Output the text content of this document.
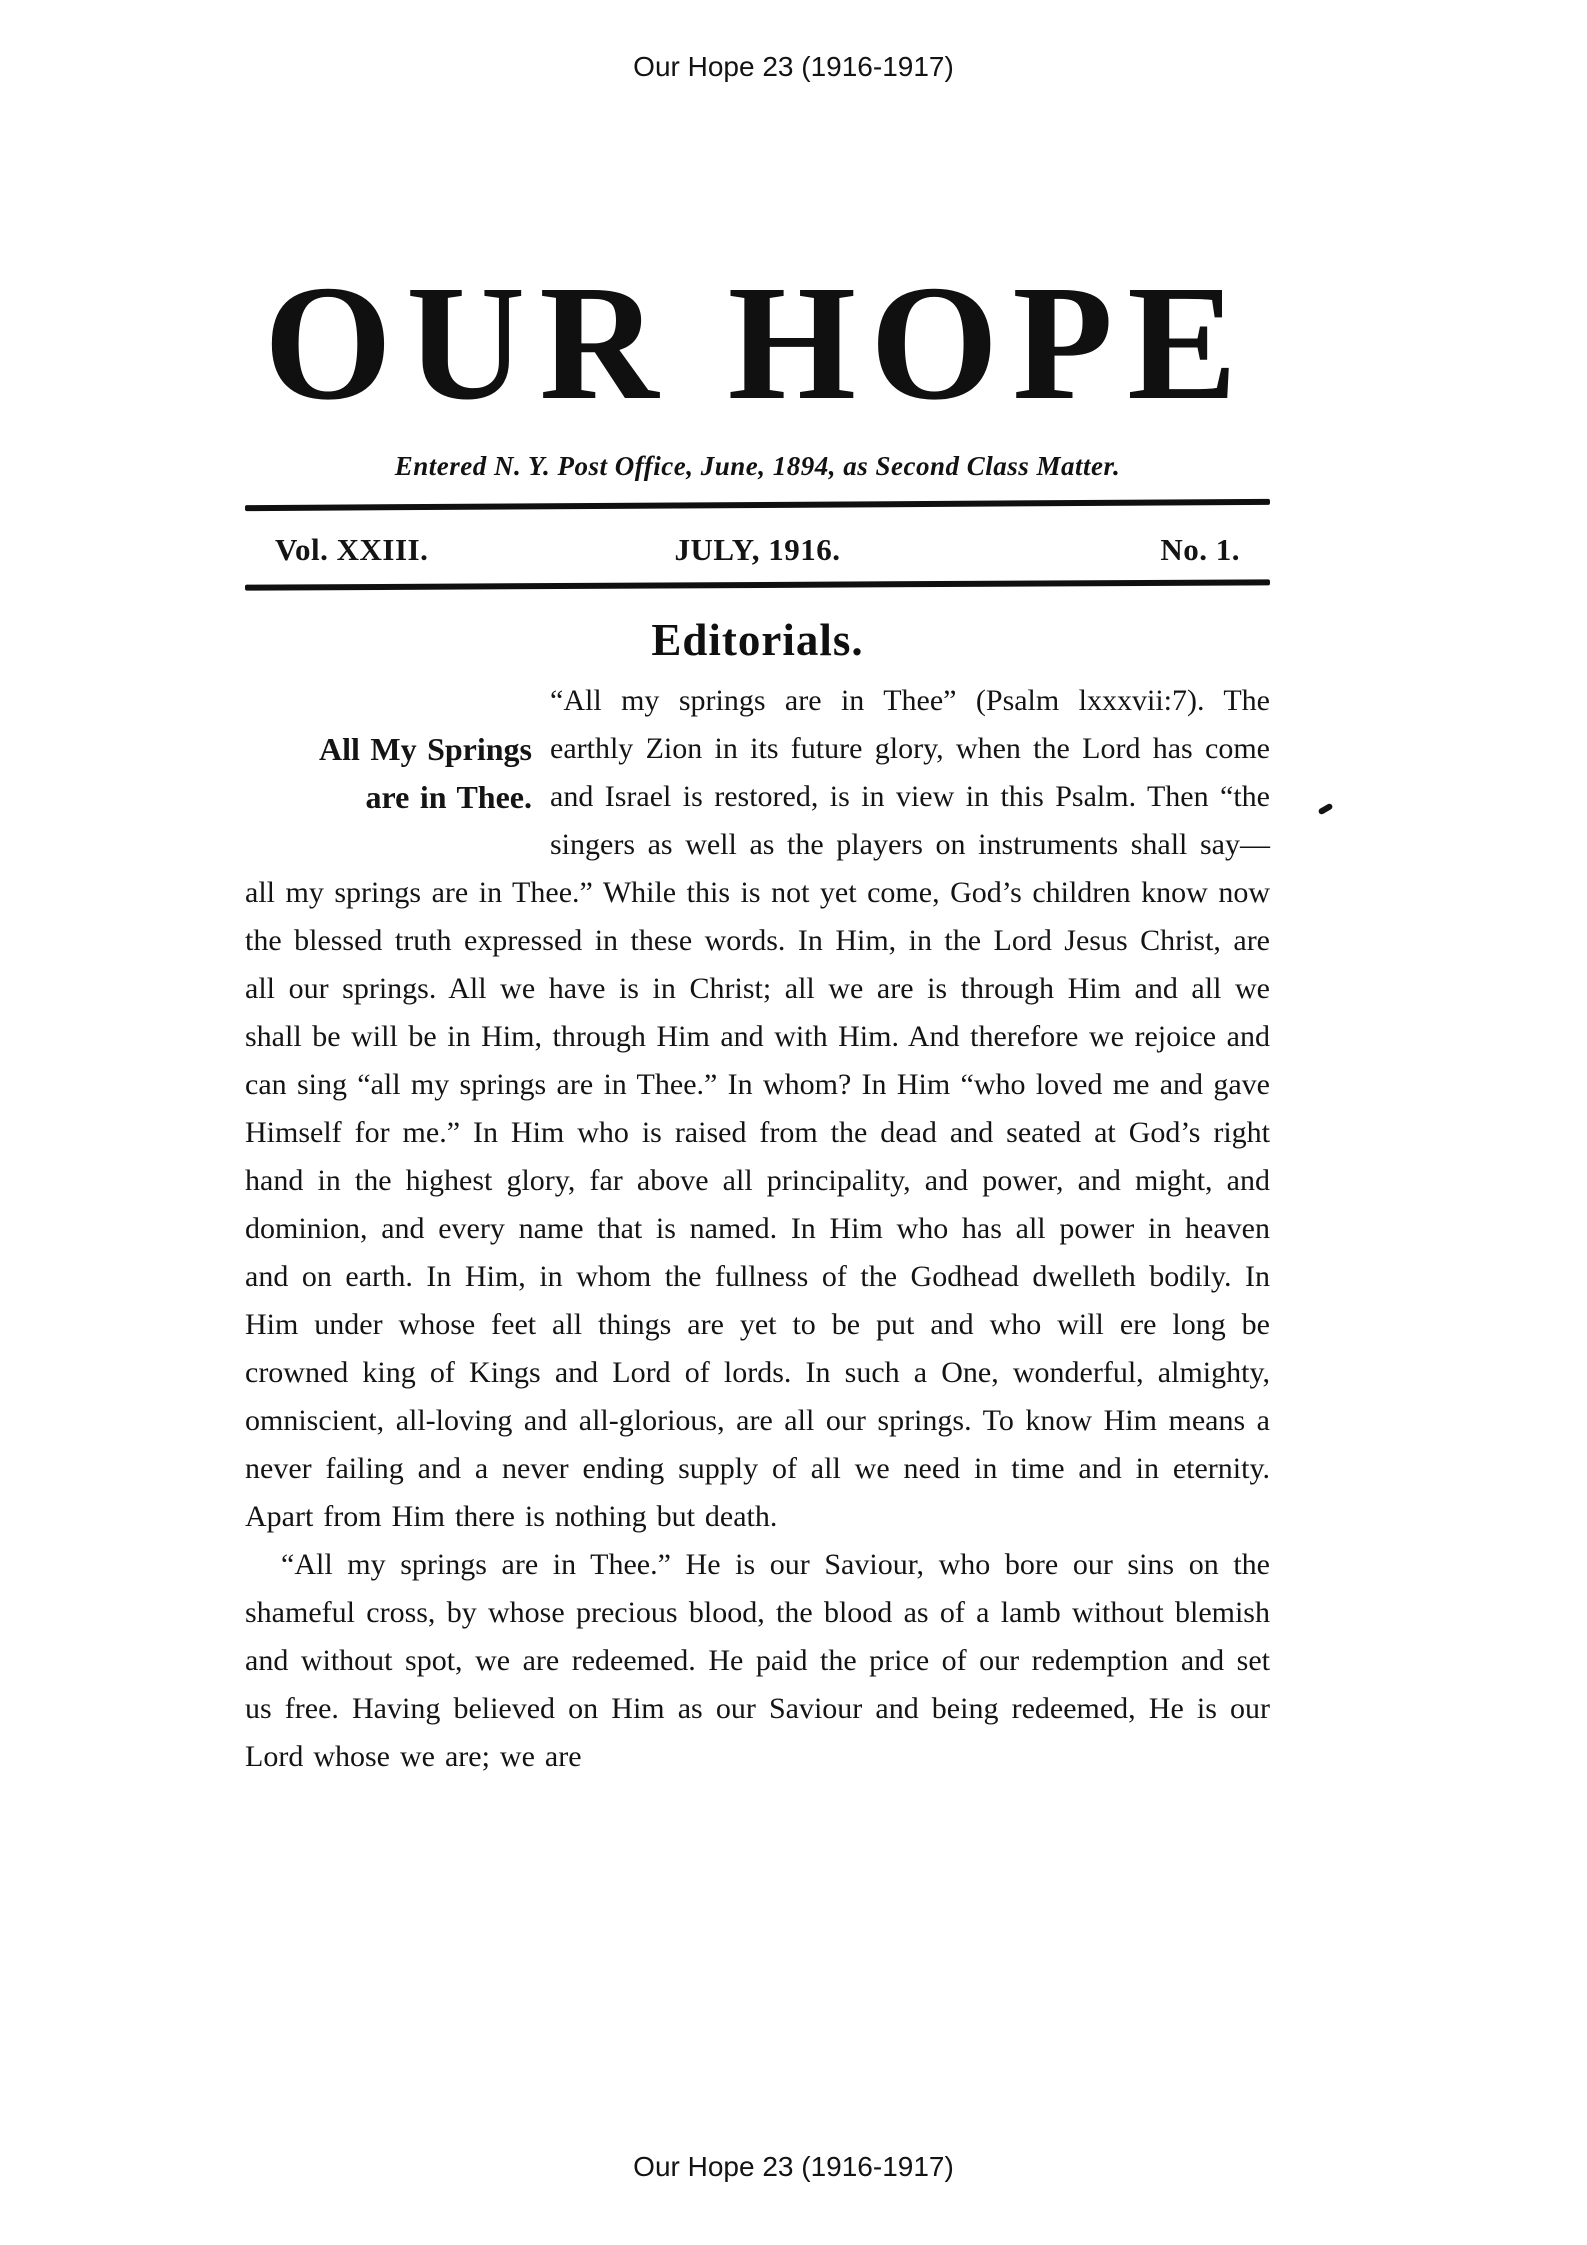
Our Hope 23 (1916-1917)
OUR HOPE
Entered N. Y. Post Office, June, 1894, as Second Class Matter.
Vol. XXIII.	JULY, 1916.	No. 1.
Editorials.

All My Springs
are in Thee.
“All my springs are in Thee” (Psalm lxxxvii:7). The earthly Zion in its future glory, when the Lord has come and Israel is restored, is in view in this Psalm. Then “the singers as well as the players on instruments shall say—all my springs are in Thee.” While this is not yet come, God’s children know now the blessed truth expressed in these words. In Him, in the Lord Jesus Christ, are all our springs. All we have is in Christ; all we are is through Him and all we shall be will be in Him, through Him and with Him. And therefore we rejoice and can sing “all my springs are in Thee.” In whom? In Him “who loved me and gave Himself for me.” In Him who is raised from the dead and seated at God’s right hand in the highest glory, far above all principality, and power, and might, and dominion, and every name that is named. In Him who has all power in heaven and on earth. In Him, in whom the fullness of the Godhead dwelleth bodily. In Him under whose feet all things are yet to be put and who will ere long be crowned king of Kings and Lord of lords. In such a One, wonderful, almighty, omniscient, all-loving and all-glorious, are all our springs. To know Him means a never failing and a never ending supply of all we need in time and in eternity. Apart from Him there is nothing but death.

“All my springs are in Thee.” He is our Saviour, who bore our sins on the shameful cross, by whose precious blood, the blood as of a lamb without blemish and without spot, we are redeemed. He paid the price of our redemption and set us free. Having believed on Him as our Saviour and being redeemed, He is our Lord whose we are; we are

Our Hope 23 (1916-1917)
